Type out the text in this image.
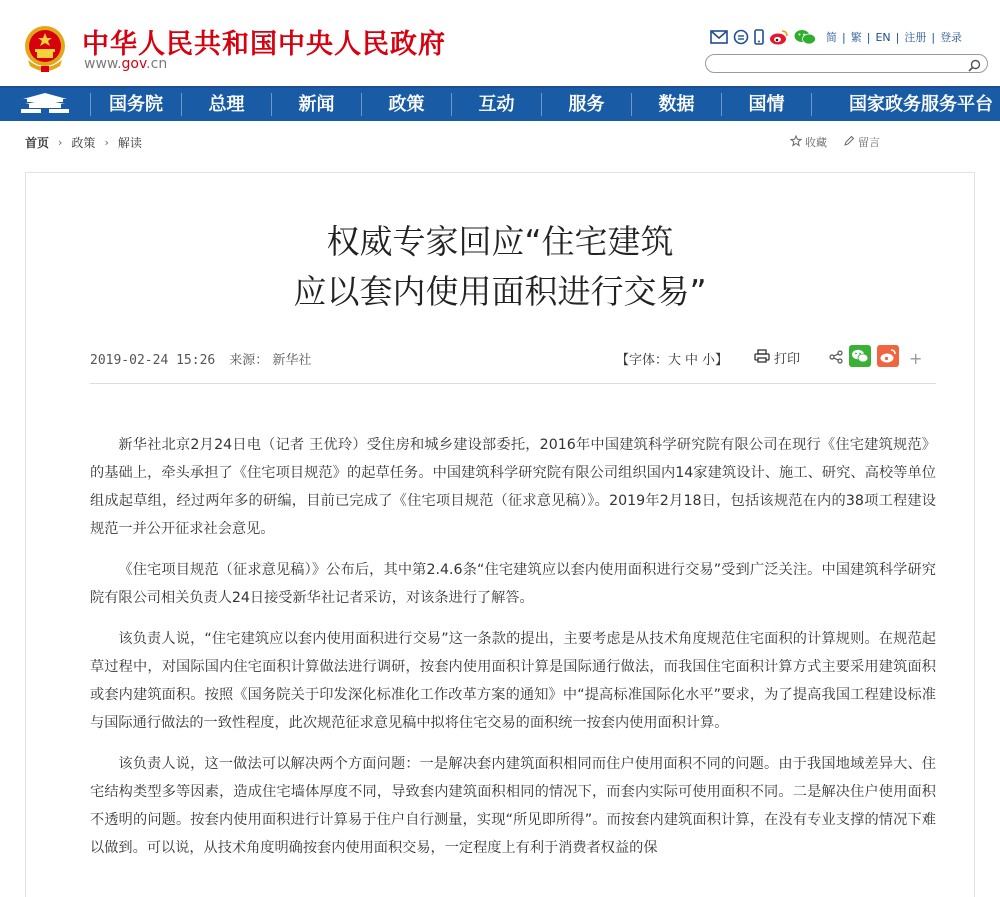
中华人民共和国中央人民政府
www.gov.cn
简 | 繁 | EN | 注册 | 登录
国务院	总理	新闻	政策	互动	服务	数据	国情	国家政务服务平台
首页 › 政策 › 解读	收藏	留言
权威专家回应“住宅建筑
应以套内使用面积进行交易”
2019-02-24 15:26 来源： 新华社	【字体：大 中 小】	打印	+

新华社北京2月24日电（记者 王优玲）受住房和城乡建设部委托，2016年中国建筑科学研究院有限公司在现行《住宅建筑规范》的基础上，牵头承担了《住宅项目规范》的起草任务。中国建筑科学研究院有限公司组织国内14家建筑设计、施工、研究、高校等单位组成起草组，经过两年多的研编，目前已完成了《住宅项目规范（征求意见稿）》。2019年2月18日，包括该规范在内的38项工程建设规范一并公开征求社会意见。

《住宅项目规范（征求意见稿）》公布后，其中第2.4.6条“住宅建筑应以套内使用面积进行交易”受到广泛关注。中国建筑科学研究院有限公司相关负责人24日接受新华社记者采访，对该条进行了解答。

该负责人说，“住宅建筑应以套内使用面积进行交易”这一条款的提出，主要考虑是从技术角度规范住宅面积的计算规则。在规范起草过程中，对国际国内住宅面积计算做法进行调研，按套内使用面积计算是国际通行做法，而我国住宅面积计算方式主要采用建筑面积或套内建筑面积。按照《国务院关于印发深化标准化工作改革方案的通知》中“提高标准国际化水平”要求，为了提高我国工程建设标准与国际通行做法的一致性程度，此次规范征求意见稿中拟将住宅交易的面积统一按套内使用面积计算。

该负责人说，这一做法可以解决两个方面问题：一是解决套内建筑面积相同而住户使用面积不同的问题。由于我国地域差异大、住宅结构类型多等因素，造成住宅墙体厚度不同，导致套内建筑面积相同的情况下，而套内实际可使用面积不同。二是解决住户使用面积不透明的问题。按套内使用面积进行计算易于住户自行测量，实现“所见即所得”。而按套内建筑面积计算，在没有专业支撑的情况下难以做到。可以说，从技术角度明确按套内使用面积交易，一定程度上有利于消费者权益的保
